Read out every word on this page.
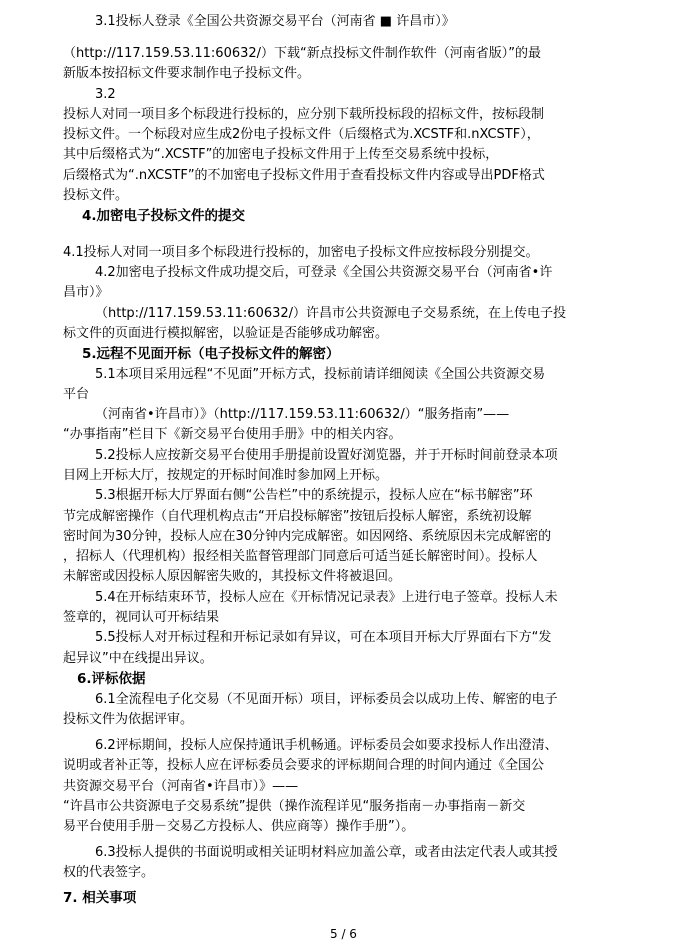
3.1投标人登录《全国公共资源交易平台（河南省 ■ 许昌市）》
（http://117.159.53.11:60632/）下载“新点投标文件制作软件（河南省版）”的最
新版本按招标文件要求制作电子投标文件。
3.2
投标人对同一项目多个标段进行投标的，应分别下载所投标段的招标文件，按标段制
投标文件。一个标段对应生成2份电子投标文件（后缀格式为.XCSTF和.nXCSTF），
其中后缀格式为“.XCSTF”的加密电子投标文件用于上传至交易系统中投标，
后缀格式为“.nXCSTF”的不加密电子投标文件用于查看投标文件内容或导出PDF格式
投标文件。
4.加密电子投标文件的提交
4.1投标人对同一项目多个标段进行投标的，加密电子投标文件应按标段分别提交。
4.2加密电子投标文件成功提交后，可登录《全国公共资源交易平台（河南省•许
昌市）》
（http://117.159.53.11:60632/）许昌市公共资源电子交易系统，在上传电子投
标文件的页面进行模拟解密，以验证是否能够成功解密。
5.远程不见面开标（电子投标文件的解密）
5.1本项目采用远程“不见面”开标方式，投标前请详细阅读《全国公共资源交易
平台
（河南省•许昌市）》（http://117.159.53.11:60632/）“服务指南”——
“办事指南”栏目下《新交易平台使用手册》中的相关内容。
5.2投标人应按新交易平台使用手册提前设置好浏览器，并于开标时间前登录本项
目网上开标大厅，按规定的开标时间准时参加网上开标。
5.3根据开标大厅界面右侧“公告栏”中的系统提示，投标人应在“标书解密”环
节完成解密操作（自代理机构点击“开启投标解密”按钮后投标人解密，系统初设解
密时间为30分钟，投标人应在30分钟内完成解密。如因网络、系统原因未完成解密的
，招标人（代理机构）报经相关监督管理部门同意后可适当延长解密时间）。投标人
未解密或因投标人原因解密失败的，其投标文件将被退回。
5.4在开标结束环节，投标人应在《开标情况记录表》上进行电子签章。投标人未
签章的，视同认可开标结果
5.5投标人对开标过程和开标记录如有异议，可在本项目开标大厅界面右下方“发
起异议”中在线提出异议。
6.评标依据
6.1全流程电子化交易（不见面开标）项目，评标委员会以成功上传、解密的电子
投标文件为依据评审。
6.2评标期间，投标人应保持通讯手机畅通。评标委员会如要求投标人作出澄清、
说明或者补正等，投标人应在评标委员会要求的评标期间合理的时间内通过《全国公
共资源交易平台（河南省•许昌市）》——
“许昌市公共资源电子交易系统”提供（操作流程详见“服务指南－办事指南－新交
易平台使用手册－交易乙方投标人、供应商等）操作手册”）。
6.3投标人提供的书面说明或相关证明材料应加盖公章，或者由法定代表人或其授
权的代表签字。
7. 相关事项
5 / 6
